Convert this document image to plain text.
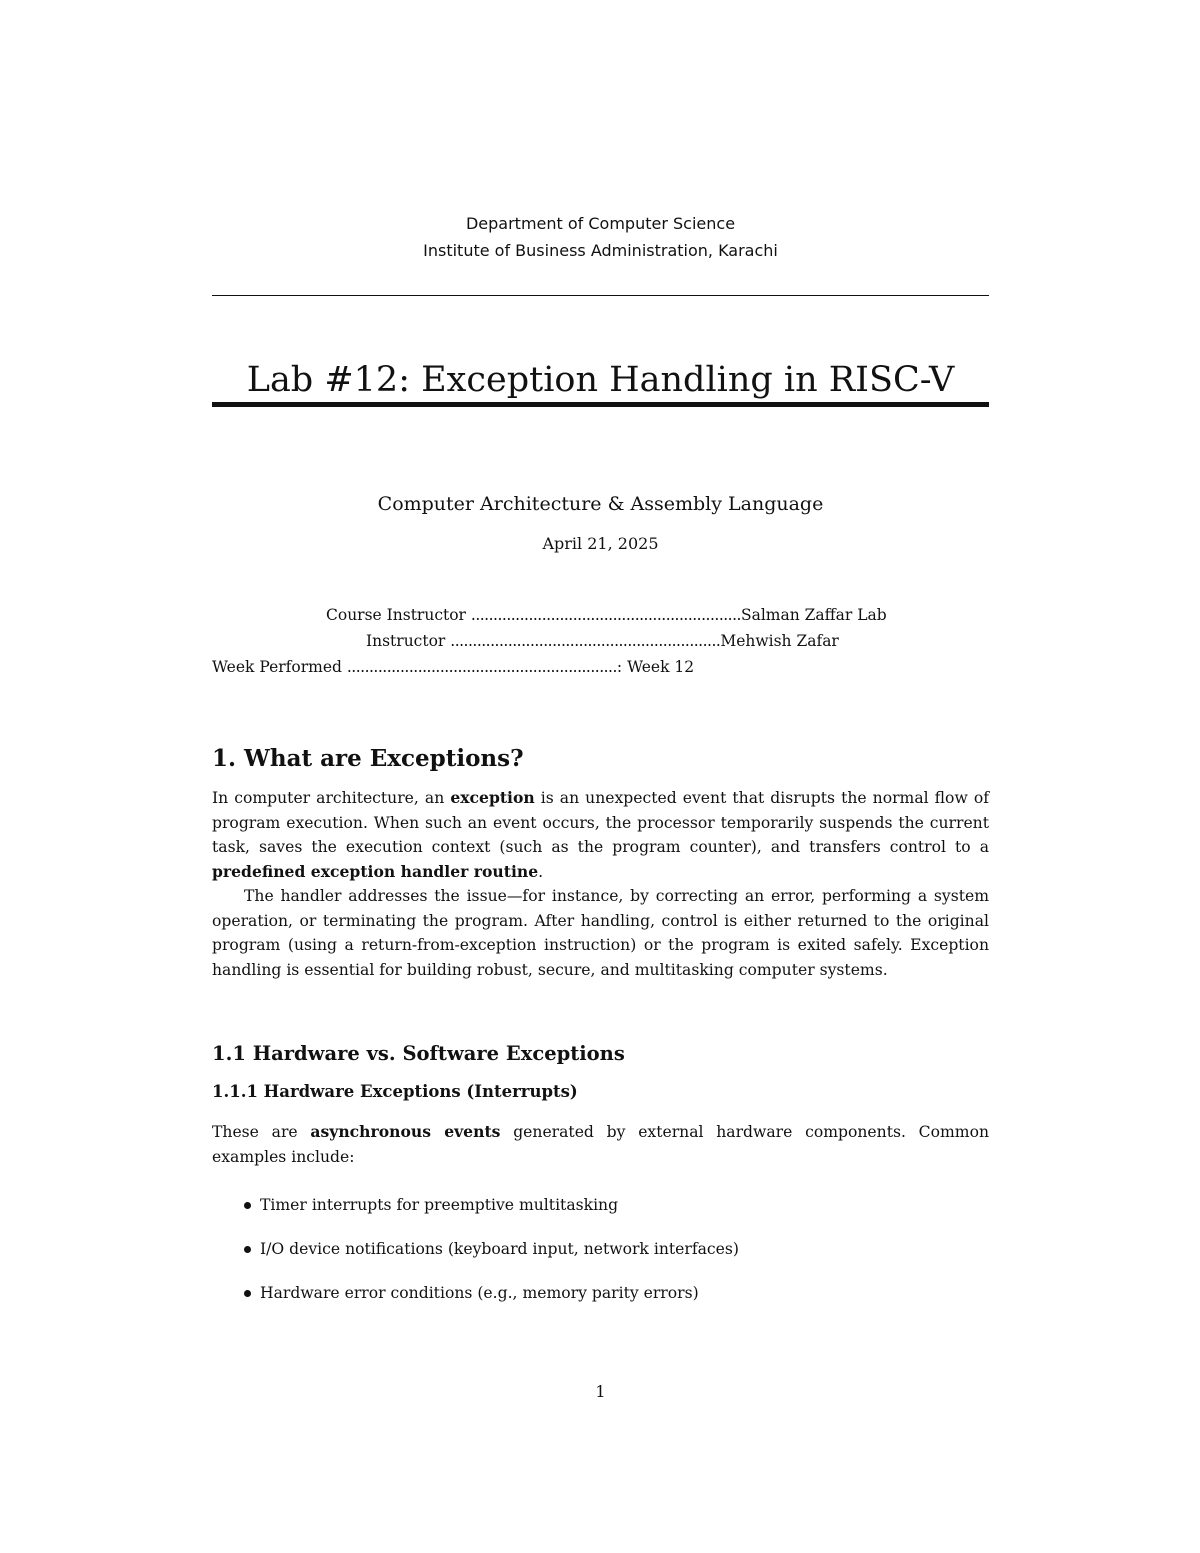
Department of Computer Science
Institute of Business Administration, Karachi
Lab #12: Exception Handling in RISC-V
Computer Architecture & Assembly Language
April 21, 2025
Course Instructor .............................................................Salman Zaffar Lab
Instructor .............................................................Mehwish Zafar
Week Performed .............................................................: Week 12
1. What are Exceptions?

In computer architecture, an exception is an unexpected event that disrupts the normal flow of program execution. When such an event occurs, the processor temporarily suspends the current task, saves the execution context (such as the program counter), and transfers control to a predefined exception handler routine.

The handler addresses the issue—for instance, by correcting an error, performing a system operation, or terminating the program. After handling, control is either returned to the original program (using a return-from-exception instruction) or the program is exited safely. Exception handling is essential for building robust, secure, and multitasking computer systems.

1.1 Hardware vs. Software Exceptions
1.1.1 Hardware Exceptions (Interrupts)

These are asynchronous events generated by external hardware components. Common examples include:

Timer interrupts for preemptive multitasking
I/O device notifications (keyboard input, network interfaces)
Hardware error conditions (e.g., memory parity errors)
1
